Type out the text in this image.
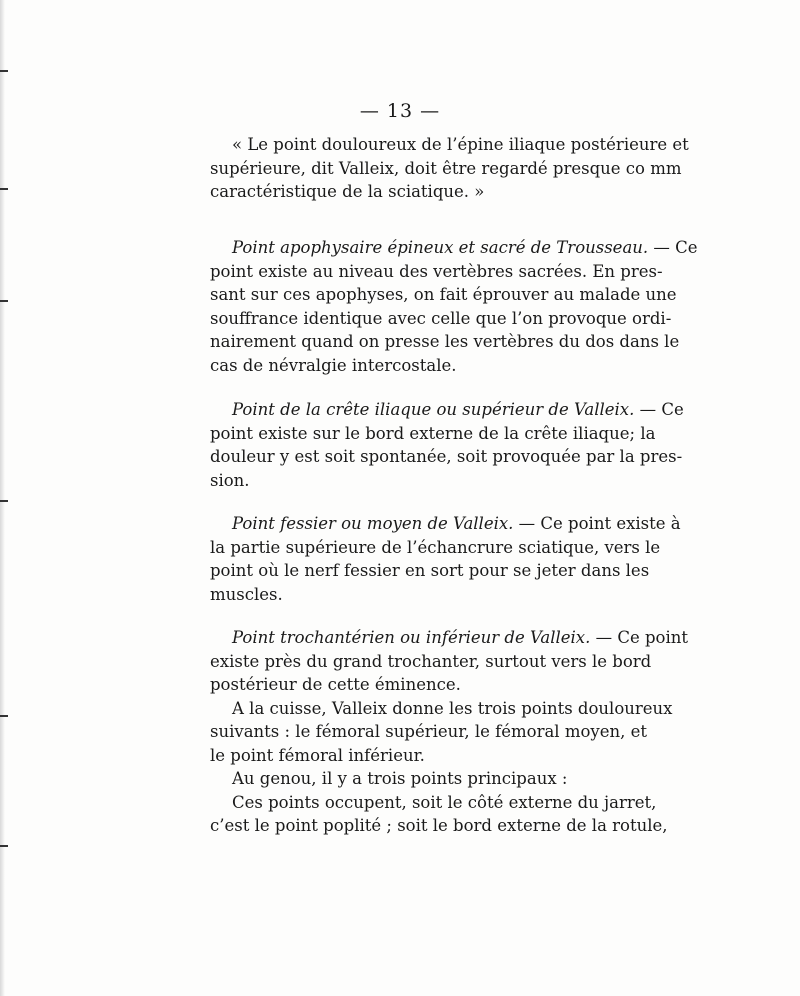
— 13 —
« Le point douloureux de l’épine iliaque postérieure et
supérieure, dit Valleix, doit être regardé presque co mm
caractéristique de la sciatique. »
Point apophysaire épineux et sacré de Trousseau. — Ce
point existe au niveau des vertèbres sacrées. En pres-
sant sur ces apophyses, on fait éprouver au malade une
souffrance identique avec celle que l’on provoque ordi-
nairement quand on presse les vertèbres du dos dans le
cas de névralgie intercostale.
Point de la crête iliaque ou supérieur de Valleix. — Ce
point existe sur le bord externe de la crête iliaque; la
douleur y est soit spontanée, soit provoquée par la pres-
sion.
Point fessier ou moyen de Valleix. — Ce point existe à
la partie supérieure de l’échancrure sciatique, vers le
point où le nerf fessier en sort pour se jeter dans les
muscles.
Point trochantérien ou inférieur de Valleix. — Ce point
existe près du grand trochanter, surtout vers le bord
postérieur de cette éminence.
A la cuisse, Valleix donne les trois points douloureux
suivants : le fémoral supérieur, le fémoral moyen, et
le point fémoral inférieur.
Au genou, il y a trois points principaux :
Ces points occupent, soit le côté externe du jarret,
c’est le point poplité ; soit le bord externe de la rotule,
